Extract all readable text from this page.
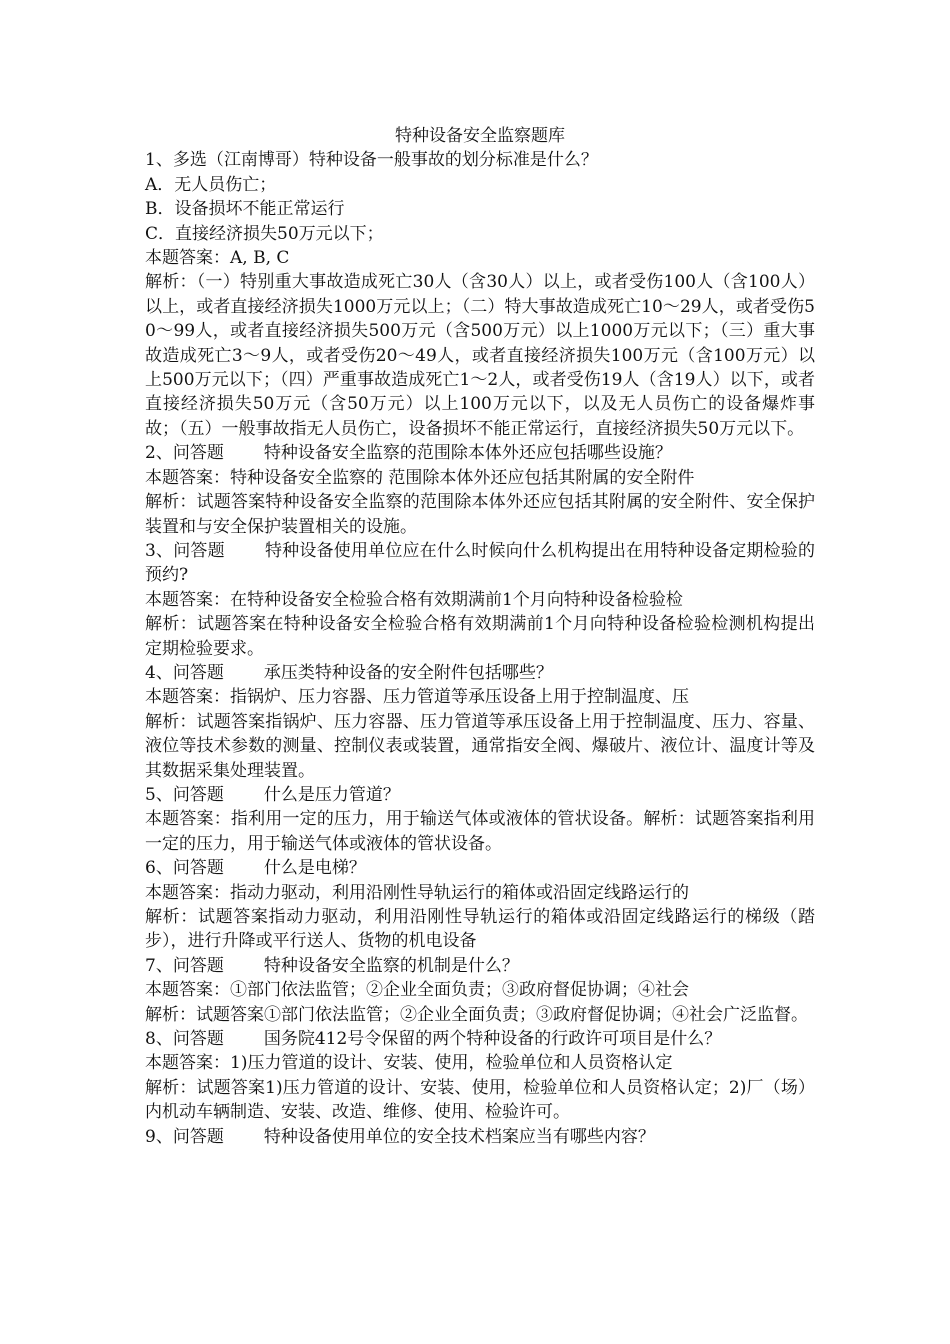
特种设备安全监察题库

1、多选（江南博哥）特种设备一般事故的划分标准是什么？

A．无人员伤亡；

B．设备损坏不能正常运行

C．直接经济损失50万元以下；

本题答案：A, B, C

解析：（一）特别重大事故造成死亡30人（含30人）以上，或者受伤100人（含100人）以上，或者直接经济损失1000万元以上；（二）特大事故造成死亡10～29人，或者受伤50～99人，或者直接经济损失500万元（含500万元）以上1000万元以下；（三）重大事故造成死亡3～9人，或者受伤20～49人，或者直接经济损失100万元（含100万元）以上500万元以下；（四）严重事故造成死亡1～2人，或者受伤19人（含19人）以下，或者直接经济损失50万元（含50万元）以上100万元以下，以及无人员伤亡的设备爆炸事故；（五）一般事故指无人员伤亡，设备损坏不能正常运行，直接经济损失50万元以下。

2、问答题 特种设备安全监察的范围除本体外还应包括哪些设施？

本题答案：特种设备安全监察的 范围除本体外还应包括其附属的安全附件

解析：试题答案特种设备安全监察的范围除本体外还应包括其附属的安全附件、安全保护装置和与安全保护装置相关的设施。

3、问答题 特种设备使用单位应在什么时候向什么机构提出在用特种设备定期检验的预约?

本题答案：在特种设备安全检验合格有效期满前1个月向特种设备检验检

解析：试题答案在特种设备安全检验合格有效期满前1个月向特种设备检验检测机构提出定期检验要求。

4、问答题 承压类特种设备的安全附件包括哪些？

本题答案：指锅炉、压力容器、压力管道等承压设备上用于控制温度、压

解析：试题答案指锅炉、压力容器、压力管道等承压设备上用于控制温度、压力、容量、液位等技术参数的测量、控制仪表或装置，通常指安全阀、爆破片、液位计、温度计等及其数据采集处理装置。

5、问答题 什么是压力管道？

本题答案：指利用一定的压力，用于输送气体或液体的管状设备。解析：试题答案指利用一定的压力，用于输送气体或液体的管状设备。

6、问答题 什么是电梯？

本题答案：指动力驱动，利用沿刚性导轨运行的箱体或沿固定线路运行的

解析：试题答案指动力驱动，利用沿刚性导轨运行的箱体或沿固定线路运行的梯级（踏步），进行升降或平行送人、货物的机电设备

7、问答题 特种设备安全监察的机制是什么？

本题答案：①部门依法监管；②企业全面负责；③政府督促协调；④社会

解析：试题答案①部门依法监管；②企业全面负责；③政府督促协调；④社会广泛监督。

8、问答题 国务院412号令保留的两个特种设备的行政许可项目是什么？

本题答案：1)压力管道的设计、安装、使用，检验单位和人员资格认定

解析：试题答案1)压力管道的设计、安装、使用，检验单位和人员资格认定；2)厂（场）内机动车辆制造、安装、改造、维修、使用、检验许可。

9、问答题 特种设备使用单位的安全技术档案应当有哪些内容？
